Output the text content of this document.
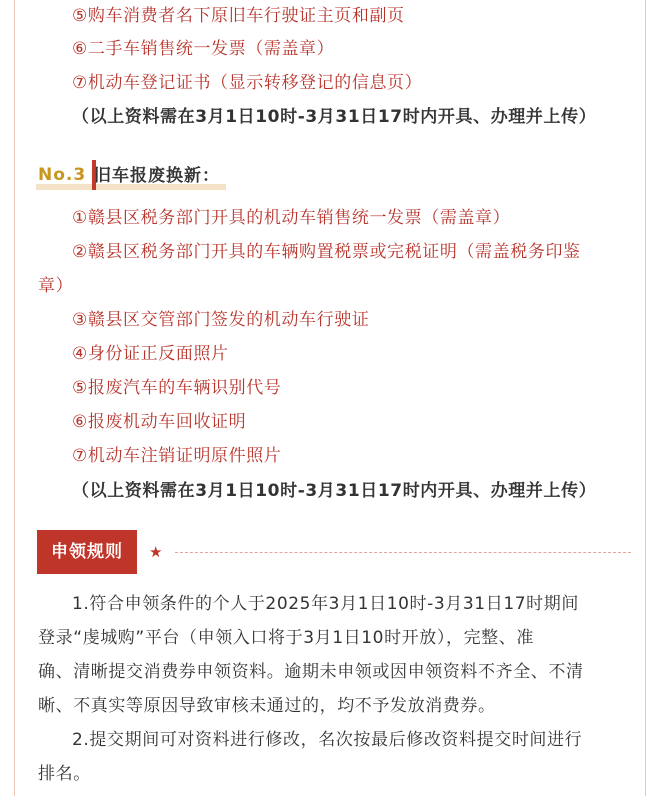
⑤购车消费者名下原旧车行驶证主页和副页
⑥二手车销售统一发票（需盖章）
⑦机动车登记证书（显示转移登记的信息页）
（以上资料需在3月1日10时-3月31日17时内开具、办理并上传）
No.3 旧车报废换新：
①赣县区税务部门开具的机动车销售统一发票（需盖章）
②赣县区税务部门开具的车辆购置税票或完税证明（需盖税务印鉴
章）
③赣县区交管部门签发的机动车行驶证
④身份证正反面照片
⑤报废汽车的车辆识别代号
⑥报废机动车回收证明
⑦机动车注销证明原件照片
（以上资料需在3月1日10时-3月31日17时内开具、办理并上传）
申领规则	★
1.符合申领条件的个人于2025年3月1日10时-3月31日17时期间
登录“虔城购”平台（申领入口将于3月1日10时开放），完整、准
确、清晰提交消费券申领资料。逾期未申领或因申领资料不齐全、不清
晰、不真实等原因导致审核未通过的，均不予发放消费券。
2.提交期间可对资料进行修改，名次按最后修改资料提交时间进行
排名。
